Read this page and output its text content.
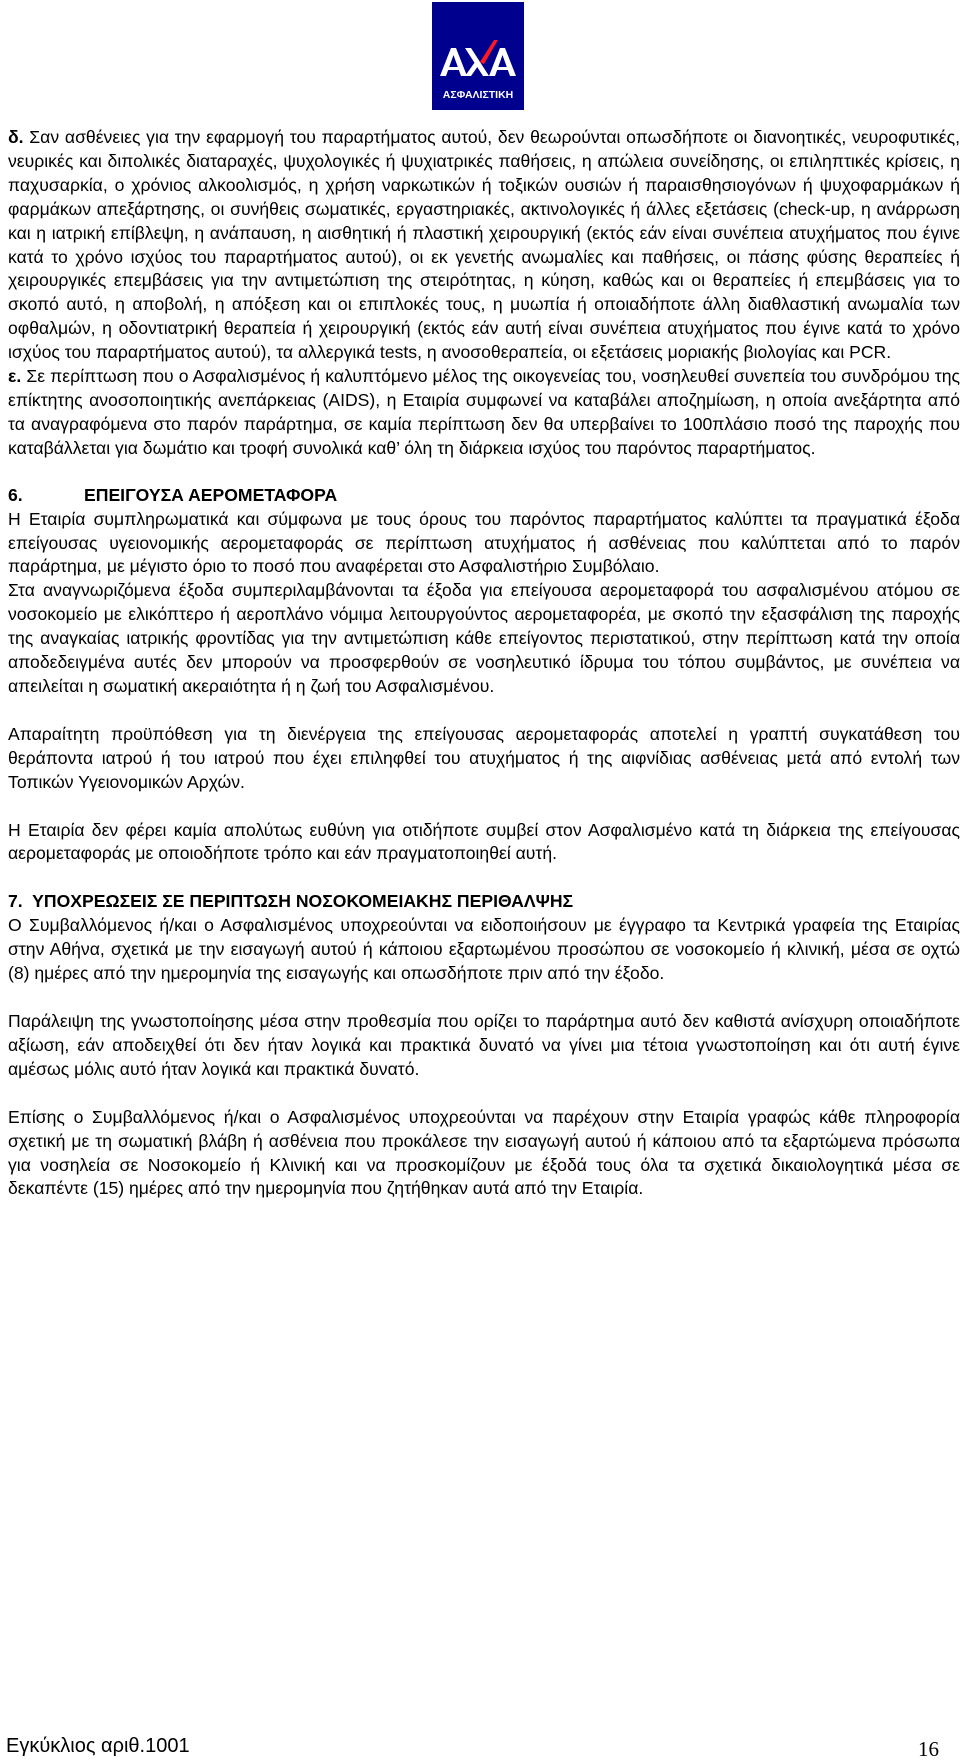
ΑΣΦΑΛΙΣΤΙΚΗ

δ. Σαν ασθένειες για την εφαρμογή του παραρτήματος αυτού, δεν θεωρούνται οπωσδήποτε οι διανοητικές, νευροφυτικές, νευρικές και διπολικές διαταραχές, ψυχολογικές ή ψυχιατρικές παθήσεις, η απώλεια συνείδησης, οι επιληπτικές κρίσεις, η παχυσαρκία, ο χρόνιος αλκοολισμός, η χρήση ναρκωτικών ή τοξικών ουσιών ή παραισθησιογόνων ή ψυχοφαρμάκων ή φαρμάκων απεξάρτησης, οι συνήθεις σωματικές, εργαστηριακές, ακτινολογικές ή άλλες εξετάσεις (check-up, η ανάρρωση και η ιατρική επίβλεψη, η ανάπαυση, η αισθητική ή πλαστική χειρουργική (εκτός εάν είναι συνέπεια ατυχήματος που έγινε κατά το χρόνο ισχύος του παραρτήματος αυτού), οι εκ γενετής ανωμαλίες και παθήσεις, οι πάσης φύσης θεραπείες ή χειρουργικές επεμβάσεις για την αντιμετώπιση της στειρότητας, η κύηση, καθώς και οι θεραπείες ή επεμβάσεις για το σκοπό αυτό, η αποβολή, η απόξεση και οι επιπλοκές τους, η μυωπία ή οποιαδήποτε άλλη διαθλαστική ανωμαλία των οφθαλμών, η οδοντιατρική θεραπεία ή χειρουργική (εκτός εάν αυτή είναι συνέπεια ατυχήματος που έγινε κατά το χρόνο ισχύος του παραρτήματος αυτού), τα αλλεργικά tests, η ανοσοθεραπεία, οι εξετάσεις μοριακής βιολογίας και PCR.

ε. Σε περίπτωση που ο Ασφαλισμένος ή καλυπτόμενο μέλος της οικογενείας του, νοσηλευθεί συνεπεία του συνδρόμου της επίκτητης ανοσοποιητικής ανεπάρκειας (AIDS), η Εταιρία συμφωνεί να καταβάλει αποζημίωση, η οποία ανεξάρτητα από τα αναγραφόμενα στο παρόν παράρτημα, σε καμία περίπτωση δεν θα υπερβαίνει το 100πλάσιο ποσό της παροχής που καταβάλλεται για δωμάτιο και τροφή συνολικά καθ’ όλη τη διάρκεια ισχύος του παρόντος παραρτήματος.

6.	ΕΠΕΙΓΟΥΣΑ ΑΕΡΟΜΕΤΑΦΟΡΑ

Η Εταιρία συμπληρωματικά και σύμφωνα με τους όρους του παρόντος παραρτήματος καλύπτει τα πραγματικά έξοδα επείγουσας υγειονομικής αερομεταφοράς σε περίπτωση ατυχήματος ή ασθένειας που καλύπτεται από το παρόν παράρτημα, με μέγιστο όριο το ποσό που αναφέρεται στο Ασφαλιστήριο Συμβόλαιο.

Στα αναγνωριζόμενα έξοδα συμπεριλαμβάνονται τα έξοδα για επείγουσα αερομεταφορά του ασφαλισμένου ατόμου σε νοσοκομείο με ελικόπτερο ή αεροπλάνο νόμιμα λειτουργούντος αερομεταφορέα, με σκοπό την εξασφάλιση της παροχής της αναγκαίας ιατρικής φροντίδας για την αντιμετώπιση κάθε επείγοντος περιστατικού, στην περίπτωση κατά την οποία αποδεδειγμένα αυτές δεν μπορούν να προσφερθούν σε νοσηλευτικό ίδρυμα του τόπου συμβάντος, με συνέπεια να απειλείται η σωματική ακεραιότητα ή η ζωή του Ασφαλισμένου.

Απαραίτητη προϋπόθεση για τη διενέργεια της επείγουσας αερομεταφοράς αποτελεί η γραπτή συγκατάθεση του θεράποντα ιατρού ή του ιατρού που έχει επιληφθεί του ατυχήματος ή της αιφνίδιας ασθένειας μετά από εντολή των Τοπικών Υγειονομικών Αρχών.

Η Εταιρία δεν φέρει καμία απολύτως ευθύνη για οτιδήποτε συμβεί στον Ασφαλισμένο κατά τη διάρκεια της επείγουσας αερομεταφοράς με οποιοδήποτε τρόπο και εάν πραγματοποιηθεί αυτή.

7.  ΥΠΟΧΡΕΩΣΕΙΣ ΣΕ ΠΕΡΙΠΤΩΣΗ ΝΟΣΟΚΟΜΕΙΑΚΗΣ ΠΕΡΙΘΑΛΨΗΣ

Ο Συμβαλλόμενος ή/και ο Ασφαλισμένος υποχρεούνται να ειδοποιήσουν με έγγραφο τα Κεντρικά γραφεία της Εταιρίας στην Αθήνα, σχετικά με την εισαγωγή αυτού ή κάποιου εξαρτωμένου προσώπου σε νοσοκομείο ή κλινική, μέσα σε οχτώ (8) ημέρες από την ημερομηνία της εισαγωγής και οπωσδήποτε πριν από την έξοδο.

Παράλειψη της γνωστοποίησης μέσα στην προθεσμία που ορίζει το παράρτημα αυτό δεν καθιστά ανίσχυρη οποιαδήποτε αξίωση, εάν αποδειχθεί ότι δεν ήταν λογικά και πρακτικά δυνατό να γίνει μια τέτοια γνωστοποίηση και ότι αυτή έγινε αμέσως μόλις αυτό ήταν λογικά και πρακτικά δυνατό.

Επίσης ο Συμβαλλόμενος ή/και ο Ασφαλισμένος υποχρεούνται να παρέχουν στην Εταιρία γραφώς κάθε πληροφορία σχετική με τη σωματική βλάβη ή ασθένεια που προκάλεσε την εισαγωγή αυτού ή κάποιου από τα εξαρτώμενα πρόσωπα για νοσηλεία σε Νοσοκομείο ή Κλινική και να προσκομίζουν με έξοδά τους όλα τα σχετικά δικαιολογητικά μέσα σε δεκαπέντε (15) ημέρες από την ημερομηνία που ζητήθηκαν αυτά από την Εταιρία.

Εγκύκλιος αριθ.1001	16
